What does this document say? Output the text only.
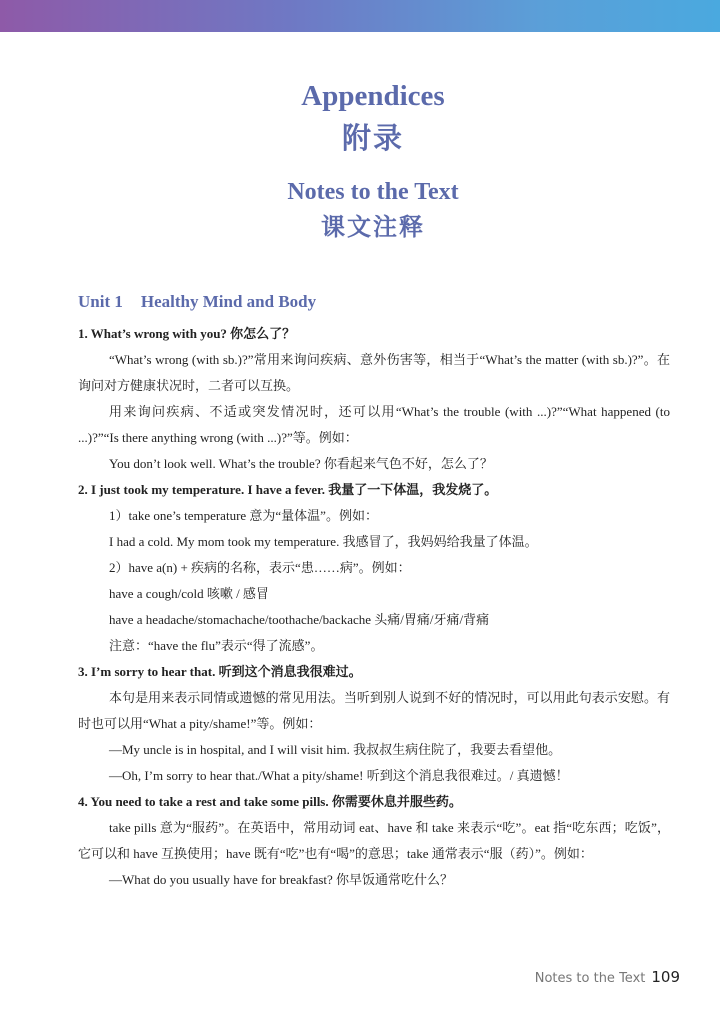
Appendices
附录
Notes to the Text
课文注释
Unit 1 Healthy Mind and Body

1. What’s wrong with you? 你怎么了？

“What’s wrong (with sb.)?”常用来询问疾病、意外伤害等，相当于“What’s the matter (with sb.)?”。在询问对方健康状况时，二者可以互换。

用来询问疾病、不适或突发情况时，还可以用“What’s the trouble (with ...)?”“What happened (to ...)?”“Is there anything wrong (with ...)?”等。例如：

You don’t look well. What’s the trouble? 你看起来气色不好，怎么了？

2. I just took my temperature. I have a fever. 我量了一下体温，我发烧了。

1）take one’s temperature 意为“量体温”。例如：

I had a cold. My mom took my temperature. 我感冒了，我妈妈给我量了体温。

2）have a(n) + 疾病的名称，表示“患……病”。例如：

have a cough/cold 咳嗽 / 感冒

have a headache/stomachache/toothache/backache 头痛/胃痛/牙痛/背痛

注意：“have the flu”表示“得了流感”。

3. I’m sorry to hear that. 听到这个消息我很难过。

本句是用来表示同情或遗憾的常见用法。当听到别人说到不好的情况时，可以用此句表示安慰。有时也可以用“What a pity/shame!”等。例如：

—My uncle is in hospital, and I will visit him. 我叔叔生病住院了，我要去看望他。

—Oh, I’m sorry to hear that./What a pity/shame! 听到这个消息我很难过。/ 真遗憾！

4. You need to take a rest and take some pills. 你需要休息并服些药。

take pills 意为“服药”。在英语中，常用动词 eat、have 和 take 来表示“吃”。eat 指“吃东西；吃饭”，它可以和 have 互换使用；have 既有“吃”也有“喝”的意思；take 通常表示“服（药）”。例如：

—What do you usually have for breakfast? 你早饭通常吃什么？

Notes to the Text 109
